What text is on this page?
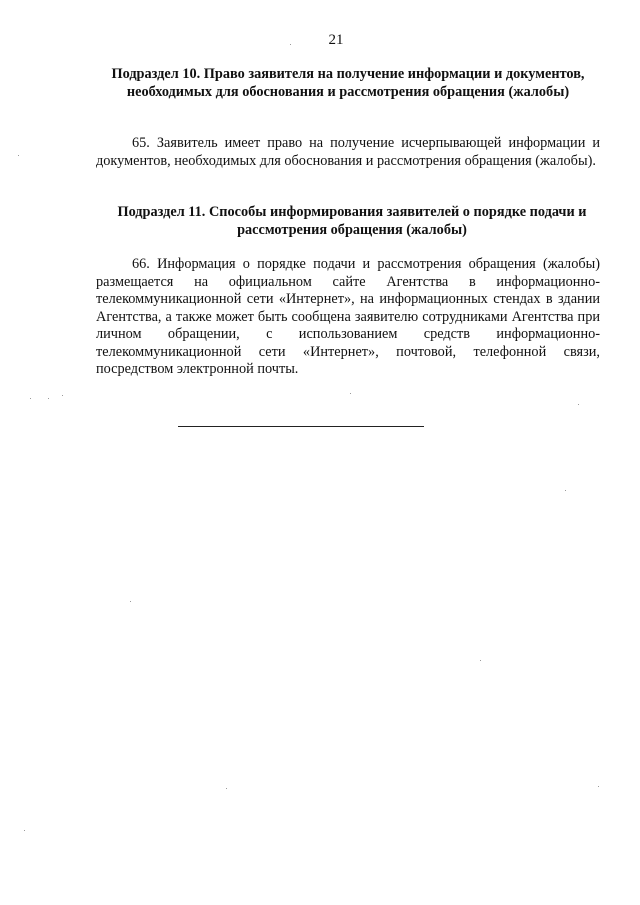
21

Подраздел 10. Право заявителя на получение информации и документов, необходимых для обоснования и рассмотрения обращения (жалобы)

65. Заявитель имеет право на получение исчерпывающей информации и документов, необходимых для обоснования и рассмотрения обращения (жалобы).

Подраздел 11. Способы информирования заявителей о порядке подачи и рассмотрения обращения (жалобы)

66. Информация о порядке подачи и рассмотрения обращения (жалобы) размещается на официальном сайте Агентства в информационно-телекоммуникационной сети «Интернет», на информационных стендах в здании Агентства, а также может быть сообщена заявителю сотрудниками Агентства при личном обращении, с использованием средств информационно-телекоммуникационной сети «Интернет», почтовой, телефонной связи, посредством электронной почты.
